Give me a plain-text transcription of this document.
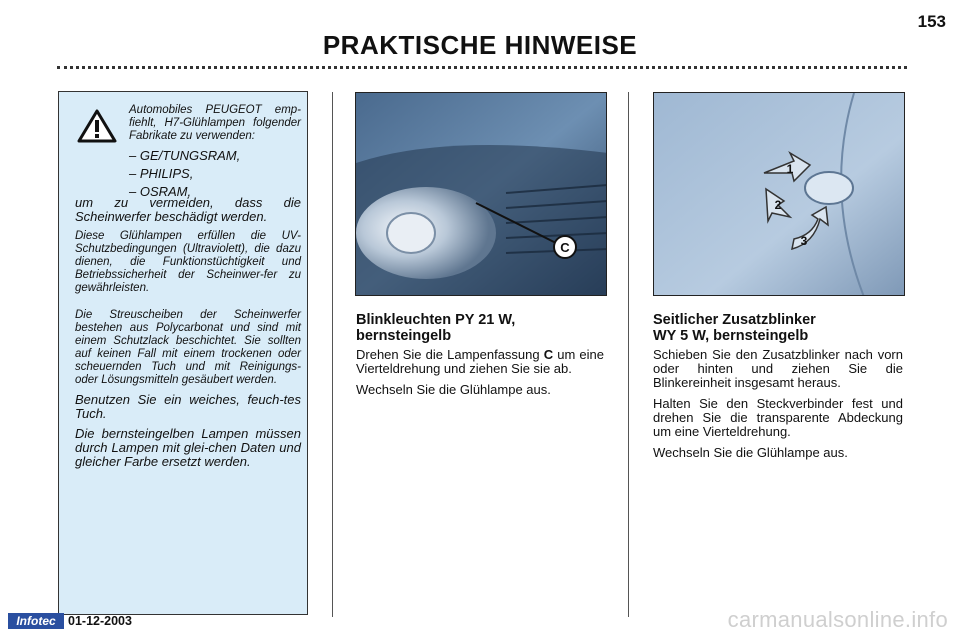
PRAKTISCHE HINWEISE
153
Automobiles PEUGEOT emp-fiehlt, H7-Glühlampen folgender Fabrikate zu verwenden:
– GE/TUNGSRAM,
– PHILIPS,
– OSRAM,

um zu vermeiden, dass die Scheinwerfer beschädigt werden.

Diese Glühlampen erfüllen die UV-Schutzbedingungen (Ultraviolett), die dazu dienen, die Funktionstüchtigkeit und Betriebssicherheit der Scheinwer-fer zu gewährleisten.

Die Streuscheiben der Scheinwerfer bestehen aus Polycarbonat und sind mit einem Schutzlack beschichtet. Sie sollten auf keinen Fall mit einem trockenen oder scheuernden Tuch und mit Reinigungs- oder Lösungsmitteln gesäubert werden.

Benutzen Sie ein weiches, feuch-tes Tuch.

Die bernsteingelben Lampen müssen durch Lampen mit glei-chen Daten und gleicher Farbe ersetzt werden.

C
Blinkleuchten PY 21 W,
bernsteingelb

Drehen Sie die Lampenfassung C um eine Vierteldrehung und ziehen Sie sie ab.

Wechseln Sie die Glühlampe aus.

1
2
3
Seitlicher Zusatzblinker
WY 5 W, bernsteingelb

Schieben Sie den Zusatzblinker nach vorn oder hinten und ziehen Sie die Blinkereinheit insgesamt heraus.

Halten Sie den Steckverbinder fest und drehen Sie die transparente Abdeckung um eine Vierteldrehung.

Wechseln Sie die Glühlampe aus.

Infotec 01-12-2003	carmanualsonline.info
